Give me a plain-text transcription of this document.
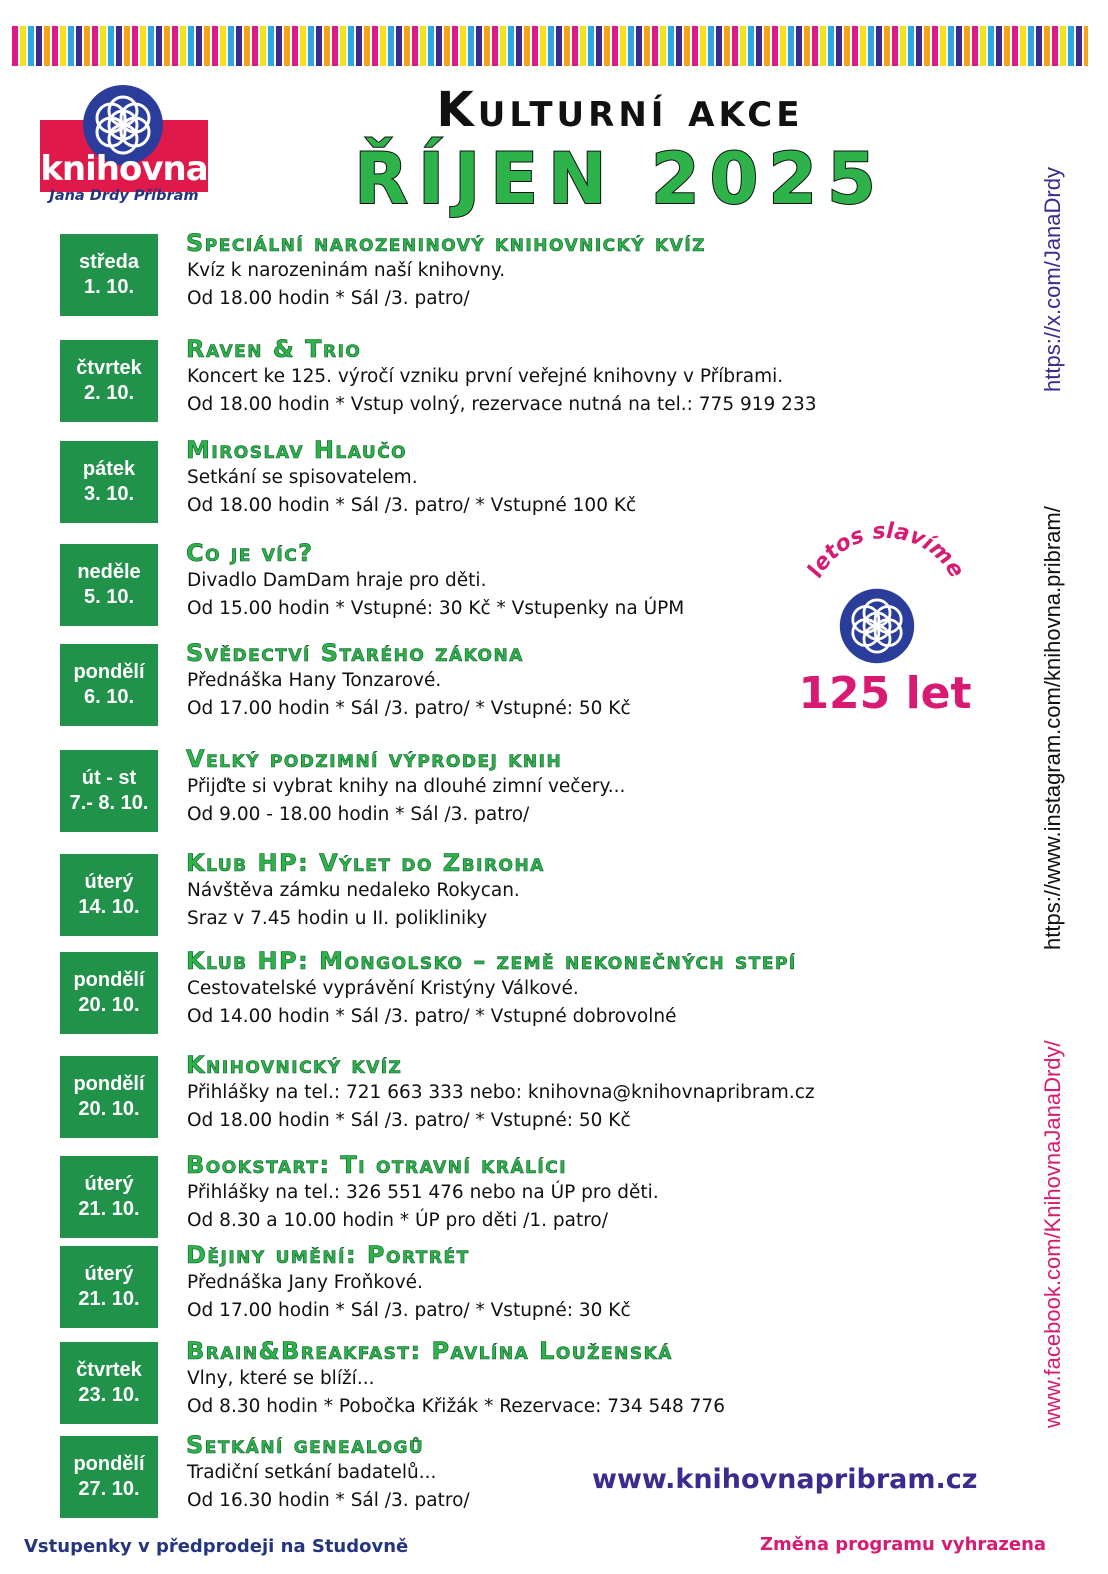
knihovna
Jana Drdy Příbram
Kulturní akce
ŘÍJEN 2025
středa
1. 10.
Speciální narozeninový knihovnický kvíz
Kvíz k narozeninám naší knihovny.
Od 18.00 hodin * Sál /3. patro/
čtvrtek
2. 10.
Raven & Trio
Koncert ke 125. výročí vzniku první veřejné knihovny v Příbrami.
Od 18.00 hodin * Vstup volný, rezervace nutná na tel.: 775 919 233
pátek
3. 10.
Miroslav Hlaučo
Setkání se spisovatelem.
Od 18.00 hodin * Sál /3. patro/ * Vstupné 100 Kč
neděle
5. 10.
Co je víc?
Divadlo DamDam hraje pro děti.
Od 15.00 hodin * Vstupné: 30 Kč * Vstupenky na ÚPM
pondělí
6. 10.
Svědectví Starého zákona
Přednáška Hany Tonzarové.
Od 17.00 hodin * Sál /3. patro/ * Vstupné: 50 Kč
út - st
7.- 8. 10.
Velký podzimní výprodej knih
Přijďte si vybrat knihy na dlouhé zimní večery...
Od 9.00 - 18.00 hodin * Sál /3. patro/
úterý
14. 10.
Klub HP: Výlet do Zbiroha
Návštěva zámku nedaleko Rokycan.
Sraz v 7.45 hodin u II. polikliniky
pondělí
20. 10.
Klub HP: Mongolsko – země nekonečných stepí
Cestovatelské vyprávění Kristýny Válkové.
Od 14.00 hodin * Sál /3. patro/ * Vstupné dobrovolné
pondělí
20. 10.
Knihovnický kvíz
Přihlášky na tel.: 721 663 333 nebo: knihovna@knihovnapribram.cz
Od 18.00 hodin * Sál /3. patro/ * Vstupné: 50 Kč
úterý
21. 10.
Bookstart: Ti otravní králíci
Přihlášky na tel.: 326 551 476 nebo na ÚP pro děti.
Od 8.30 a 10.00 hodin * ÚP pro děti /1. patro/
úterý
21. 10.
Dějiny umění: Portrét
Přednáška Jany Froňkové.
Od 17.00 hodin * Sál /3. patro/ * Vstupné: 30 Kč
čtvrtek
23. 10.
Brain&Breakfast: Pavlína Louženská
Vlny, které se blíží...
Od 8.30 hodin * Pobočka Křižák * Rezervace: 734 548 776
pondělí
27. 10.
Setkání genealogů
Tradiční setkání badatelů...
Od 16.30 hodin * Sál /3. patro/
letos slavíme
125 let
https://x.com/JanaDrdy
https://www.instagram.com/knihovna.pribram/
www.facebook.com/KnihovnaJanaDrdy/
www.knihovnapribram.cz
Vstupenky v předprodeji na Studovně	Změna programu vyhrazena
